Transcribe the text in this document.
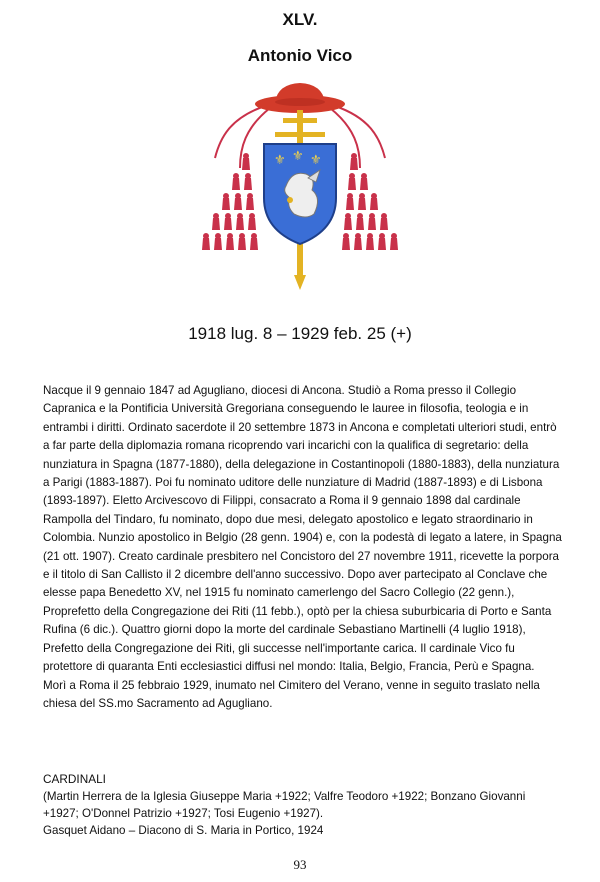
XLV.
Antonio Vico
⚜ ⚜ ⚜
1918 lug. 8 – 1929 feb. 25 (+)
Nacque il 9 gennaio 1847 ad Agugliano, diocesi di Ancona. Studiò a Roma presso il Collegio
Capranica e la Pontificia Università Gregoriana conseguendo le lauree in filosofia, teologia e in
entrambi i diritti. Ordinato sacerdote il 20 settembre 1873 in Ancona e completati ulteriori studi, entrò
a far parte della diplomazia romana ricoprendo vari incarichi con la qualifica di segretario: della
nunziatura in Spagna (1877-1880), della delegazione in Costantinopoli (1880-1883), della nunziatura
a Parigi (1883-1887). Poi fu nominato uditore delle nunziature di Madrid (1887-1893) e di Lisbona
(1893-1897). Eletto Arcivescovo di Filippi, consacrato a Roma il 9 gennaio 1898 dal cardinale
Rampolla del Tindaro, fu nominato, dopo due mesi, delegato apostolico e legato straordinario in
Colombia. Nunzio apostolico in Belgio (28 genn. 1904) e, con la podestà di legato a latere, in Spagna
(21 ott. 1907). Creato cardinale presbitero nel Concistoro del 27 novembre 1911, ricevette la porpora
e il titolo di San Callisto il 2 dicembre dell'anno successivo. Dopo aver partecipato al Conclave che
elesse papa Benedetto XV, nel 1915 fu nominato camerlengo del Sacro Collegio (22 genn.),
Proprefetto della Congregazione dei Riti (11 febb.), optò per la chiesa suburbicaria di Porto e Santa
Rufina (6 dic.). Quattro giorni dopo la morte del cardinale Sebastiano Martinelli (4 luglio 1918),
Prefetto della Congregazione dei Riti, gli successe nell'importante carica. Il cardinale Vico fu
protettore di quaranta Enti ecclesiastici diffusi nel mondo: Italia, Belgio, Francia, Perù e Spagna.
Morì a Roma il 25 febbraio 1929, inumato nel Cimitero del Verano, venne in seguito traslato nella
chiesa del SS.mo Sacramento ad Agugliano.
CARDINALI
(Martin Herrera de la Iglesia Giuseppe Maria +1922; Valfre Teodoro +1922; Bonzano Giovanni
+1927; O'Donnel Patrizio +1927; Tosi Eugenio +1927).
Gasquet Aidano – Diacono di S. Maria in Portico, 1924
93
